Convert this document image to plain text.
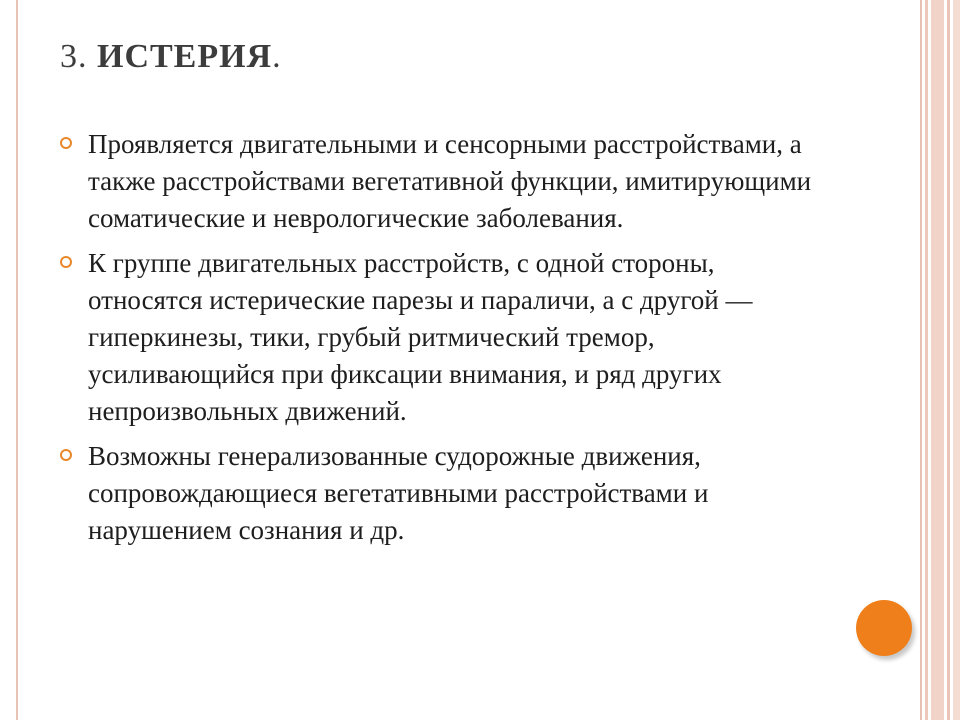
3. ИСТЕРИЯ.
Проявляется двигательными и сенсорными расстройствами, а также расстройствами вегетативной функции, имитирующими соматические и неврологические заболевания.
К группе двигательных расстройств, с одной стороны, относятся истерические парезы и параличи, а с другой — гиперкинезы, тики, грубый ритмический тремор, усиливающийся при фиксации внимания, и ряд других непроизвольных движений.
Возможны генерализованные судорожные движения, сопровождающиеся вегетативными расстройствами и нарушением сознания и др.
